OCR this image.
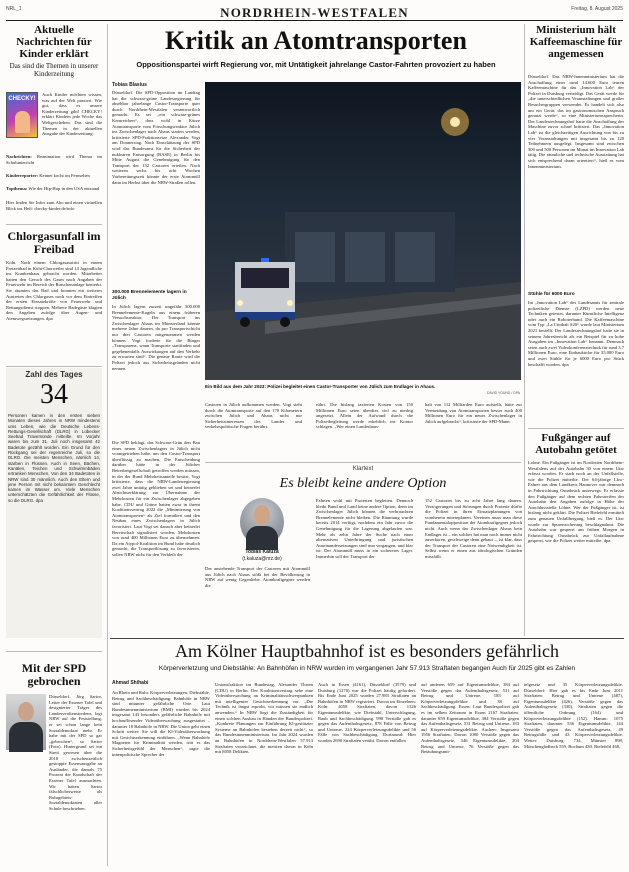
NRL_1	NORDRHEIN-WESTFALEN	Freitag, 8. August 2025
Aktuelle Nachrichten für Kinder erklärt
Das sind die Themen in unserer Kinderzeitung
CHECKY!
Auch Kinder möchten wissen, was auf der Welt passiert. Wie gut, dass es unsere Kinderzeitung gibt! CHECKY! erklärt Kindern jede Woche das Weltgeschehen. Das sind die Themen in der aktuellen Ausgabe der Kinderzeitung:
Nachrichten: Reanimation wird Thema im Schulunterricht
Kinderreporter: Kennet kocht im Fernsehen
Topthema: Wie der Hip-Hop in den USA entstand
Hier finden Sie Infos zum Abo und einen virtuellen Blick ins Heft: checky-kinder.de/info
Chlorgasunfall im Freibad
Köln. Nach einem Chlorgasaustritt in einem Freizeitbad in Köln-Chorweiler sind 14 Jugendliche ins Krankenhaus gebracht worden. Mitarbeiter hatten den Geruch des Gases nach Angaben der Feuerwehr im Bereich der Rutschenanlage bemerkt. Sie räumten das Bad und konnten ein weiteres Austreten des Chlorgases noch vor dem Eintreffen der ersten Einsatzkräfte von Feuerwehr und Rettungsdienst stoppen. Mehrere Badegäste klagten den Angaben zufolge über Augen- und Atemwegsreizungen. dpa
Zahl des Tages
34
Personen kamen in den ersten sieben Monaten dieses Jahres in NRW mindestens ums Leben, wie die Deutsche Lebens-Rettungs-Gesellschaft (DLRG) in Lübecker Seebad Travemünde mitteilte. Im Vorjahr waren bis zum 31. Juli noch insgesamt 42 Badetote gezählt worden. Ein Grund für den Rückgang sei der regenreiche Juli, so die DLRG. Die meisten Menschen, nämlich 14, starben in Flüssen. Auch in Seen, Bächen, Kanälen, Teichen und Schwimmbäden ertranken Menschen. Von den 34 Badetoten in NRW sind 30 männlich. Auch den Eltern und jene Person mit nicht bekanntem Geschlecht kamen im Wasser um. Viele Menschen unterschätzten die Gefährlichkeit der Flüsse, so die DLRG. dpa
Mit der SPD gebrochen
Düsseldorf. Jörg Sartor, Leiter der Essener Tafel und designierter Träger des Landesverdienstordens, legt NRW auf die Feststellung, er sei schon lange kein Sozialdemokrat mehr. Er habe mit der SPD so gar „gebrochen“, so Sartor (Foto). Hintergrund sei ein Streit gewesen über die 2018 zwischenzeitlich gestoppte Essensausgabe an Ausländer, die damals 75 Prozent der Kundschaft der Essener Tafel ausmachten. Wir hatten Sartor fälschlicherweise als Ruhrgebiets-Sozialdemokraten aller Schule beschrieben.
Kritik an Atomtransporten
Oppositionspartei wirft Regierung vor, mit Untätigkeit jahrelange Castor-Fahrten provoziert zu haben
Tobias Blasius
Düsseldorf. Die SPD-Opposition im Landtag hat die schwarz-grüne Landesregierung für absehbar jahrelange Castor-Transporte quer durch Nordrhein-Westfalen verantwortlich gemacht. Es sei „ein schwarz-grünes Kernreichen“, dass wohl in Kürze Atomtransporte vom Forschungsreaktor Jülich ins Zwischenlager nach Ahaus starten werden, kritisierte SPD-Fraktionsvize Alexander Vogt am Donnerstag. Nach Einschätzung der SPD wird das Bundesamt für die Sicherheit der nuklearen Entsorgung (BASE) in Berlin bis Mitte August die Genehmigung für den Transport der 152 Castoren erteilen. Nach weiteren sechs bis acht Wochen Vorbereitungszeit könnte der erste Atommüll dann im Herbst über die NRW-Straßen rollen.
300.000 Brennelemente lagern in Jülich
In Jülich lagern zurzeit ungefähr 300.000 Brennelemente-Kugeln aus einem früheren Versuchsreaktor. Der Transport ins Zwischenlager Ahaus im Münsterland könnte mehrere Jahre dauern, da pro Transportschicht nur drei Castoren mitgenommen werden können. Vogt forderte für die Bürger „Transparenz, wann Transporte stattfinden und gegebenenfalls Auswirkungen auf den Verkehr zu erwarten sind“. Die genaue Route wird die Polizei jedoch aus Sicherheitsgründen nicht nennen.
Die SPD beklagt, das Schwarz-Grün den Bau eines neuen Zwischenlagers in Jülich nicht vorangetrieben habe, um den Castor-Transport überflüssig zu machen. Die Entscheidung darüber hätte in der Jülicher Betreibergesellschaft getroffen werden müssen, in der der Bund Mehrheitsanteile besitzt. Vogt kritisierte, dass die NRW-Landesregierung zwei Jahre untätig geblieben sei und keinerlei Absichtserklärung zur Übernahme der Mehrkosten für ein Zwischenlager abgegeben habe. CDU und Grüne hatten zwar in ihrem Koalitionsvertrag 2022 die „Minimierung von Atomtransporten“ als Ziel formuliert und den Neubau eines Zwischenlagers in Jülich favorisiert. Laut Vogt sei danach aber keinerlei Bereitschaft signalisiert worden, Mehrkosten von rund 400 Millionen Euro zu übernehmen. Da ein Atypol-Koalition im Bund habe deutlich gemacht, die Transportlösung zu favorisieren, sollen NRW nicht für den Verbleib der
Ein Bild aus dem Jahr 2023: Polizei begleitet einen Castor-Transporter von Jülich zum Endlager in Ahaus.
DAVID YOUNG / DPA
Castoren in Jülich aufkommen werden. Vogt sieht durch die Atomtransporte auf den 170 Kilometern zwischen Jülich und Ahaus nicht nur Sicherheitsinteressen des Landes und verkehrspolitische Fragen berührt.
rührt. Die bislang taxierten Kosten von 150 Millionen Euro seien überdies viel zu niedrig angesetzt. Allein der Aufwand durch die Polizeibegleitung werde erheblich ins Kontor schlagen. „Wer einen Landeshaus-
halt von 112 Milliarden Euro aufstellt, hätte zur Vermeidung von Atomtransporten besser auch 400 Millionen Euro für ein neues Zwischenlager in Jülich aufgebracht“, kritisierte der SPD-Mann.
Klartext
Es bleibt keine andere Option
Tobias Kaluza
(t.kaluza@nrz.de)
Der anstehende Transport der Castoren mit Atommüll aus Jülich nach Ahaus stößt bei der Bevölkerung in NRW auf wenig Gegenliebe. Atomkraftgegner werden die
Fahrten wohl mit Protesten begleiten. Dennoch bleibt Bund und Land keine andere Option, denn im Zwischenlager Jülich können die verbrauchten Brennelemente nicht bleiben. Die Räumung wurde bereits 2014 verfügt, nachdem ein Jahr zuvor die Genehmigung für die Lagerung abgelaufen war. Mehr als zehn Jahre der Suche nach einer alternativen Unterbringung und juristischen Auseinandersetzungen sind nun vergangen, und klar ist: Der Atommüll muss in ein sichereres Lager. Immerhin soll der Transport der
152 Castoren bis zu acht Jahre lang dauern. Verzögerungen und Störungen durch Proteste dürfte die Polizei in ihren Einsatzplanungen von vornherein miteinplanen. Vereinen muss man diese Fundamentalopposition der Atomkraftgegner jedoch nicht. Auch wenn das Zwischenlager Ahaus kein Endlager ist – ein solches hat man noch immer nicht auserkoren, geschweige denn gebaut –, ist klar, dass der Transport der Castoren eine Notwendigkeit ist. Selbst wenn er einen aus ideologischen Gründen missfällt.
Ministerium hält Kaffeemaschine für angemessen
Düsseldorf. Das NRW-Innenministerium hat die Anschaffung einer rund 14.600 Euro teuren Kaffeemaschine für das „Innovation Lab“ der Polizei in Duisburg verteidigt. Das Gerät werde für „die unterschiedlichen Veranstaltungen und großer Besuchergruppen verwendet. Es handelt sich also um ein Gerät, das im gastronomischen Anspruch genutzt werde“, so eine Ministeriumssprecherin. Der Landesrechnungshof hatte die Anschaffung der Maschine zuvor scharf kritisiert. Das „Innovation Lab“ ist die gleichzeitigen Ausrichtung von bis zu vier Veranstaltungen mit insgesamt bis zu 120 Teilnehmern ausgelegt. Insgesamt sind zwischen 300 und 500 Personen im Monat im Innovation Lab tätig. Die räumliche und technische Ausstattung hat sich entsprechend daran orientiert“, hieß es vom Innenministerium.
Stühle für 6000 Euro
Im „Innovation Lab“ des Landesamts für zentrale polizeiliche Dienste (LZPD) werden neue Techniken getestet, darunter Künstliche Intelligenz oder auch ein Roboterhund. Die Kaffeemaschine vom Typ „La Cimbali S20“ wurde laut Ministerium 2021 bestellt. Der Landesrechnungshof hatte sie in seinem Jahresbericht als ein Beispiel für zu hohe Ausgaben im „Innovation Lab“ benannt. Demnach seien auch zwei Videokonferenztechnik für rund 3,7 Millionen Euro, eine Einbauküche für 35.000 Euro und zwei Stühle für je 6000 Euro pro Stück beschafft worden. dpa
Fußgänger auf Autobahn getötet
Lohne. Ein Fußgänger ist im Nordosten Nordrhein-Westfalens auf der Autobahn 30 von einem Lkw erfasst worden. Er starb noch an der Unfallstelle, wie die Polizei mitteilte. Der 64-jährige Lkw-Fahrer aus dem Landkreis Hannover war demnach in Fahrtrichtung Osnabrück unterwegs. Er erfasste den Fußgänger auf dem rechten Fahrstreifen der Autobahn den Angaben zufolge in Höhe der Anschlussstelle Löhne. Wer der Fußgänger ist, ist bislang nicht geklärt. Die Polizei Bielefeld ermittelt zum genauen Unfallhergang, hieß es. Der Lkw wurde zur Spurensicherung beschlagnahmt. Die Autobahn war gesperrt am frühen Morgen in Fahrtrichtung Osnabrück zur Unfallaufnahme gesperrt, wie die Polizei weiter mitteilte. dpa
Am Kölner Hauptbahnhof ist es besonders gefährlich
Körperverletzung und Diebstähle: An Bahnhöfen in NRW wurden im vergangenen Jahr 57.913 Straftaten begangen Auch für 2025 gibt es Zahlen
Ahmad Shihabi
An Rhein und Ruhr. Körperverletzungen, Diebstähle, Betrug und Sachbeschädigung: Bahnhöfe in NRW sind mitunter gefährliche Orte. Laut Bundesinnenministerium (BMI) wurden bis 2024 insgesamt 143 besonders gefährliche Bahnhöfe mit hochauflösender Videoüberwachung ausgestattet – darunter 18 Bahnhöfe in NRW. Die Union geht einen Schritt weiter: Sie will die KI-Videoüberwachung mit Gesichtserkennung einführen. „Wenn Bahnhöfe Magneten für Kriminalität werden, tritt es das Sicherheitsgefühl der Menschen“, sagte die innenpolitische Sprecher der
Unionsfraktion im Bundestag, Alexander Throm (CDU) in Berlin. Der Koalitionsvertrag sehe eine Videoüberwachung an Kriminalitätsschwerpunkten mit intelligenter Gesichtserkennung vor. „Die Technik ist längst erprobt, wir müssen sie endlich anwenden.“ In NRW liegt die Zuständigkeit für einen solchen Ausbau in Händen der Bundespolizei. „Konkrete Planungen zur Einführung KI-gestützter Systeme an Bahnhöfen bestehen derzeit nicht“, so das Bundesinnenministerium. Im Jahr 2024 wurden an Bahnhöfen in Nordrhein-Westfalen 57.913 Straftaten verzeichnet, die meisten davon in Köln mit 8058 Delikten.
Auch in Essen (4161), Düsseldorf (3579) und Duisburg (1270) war die Polizei häufig gefordert. Bis Ende Juni 2025 wurden 27.983 Straftaten an Bahnhöfen in NRW registriert. Davon im Einzelnen: Köln: 4058 Straftaten, davon 1326 Eigentumsdelikte, wie Diebstahl, Unterschlagung, Raub und Sachbeschädigung. 990 Verstöße gab es gegen das Aufenthaltsgesetz, 878 Fälle von Betrug und Untreue, 224 Körperverletzungsdelikte und 56 Fälle von Sachbeschädigung. Dortmund: Hier wurden 2690 Straftaten verübt. Davon entfallen
auf anderen 659 auf Eigentumsdelikte, 384 auf Verstöße gegen das Aufenthaltsgesetz, 531 auf Betrug und Untreue, 183 auf Körperverletzungsdelikte und 38 auf Sachbeschädigung. Essen: Laut Bundespolizei gab es im selben Zeitraum in Essen 2167 Straftaten, darunter 659 Eigentumsdelikte, 384 Verstöße gegen das Aufenthaltsgesetz, 531 Betrug und Untreue, 183 auf Körperverletzungsdelikte. Aachen: Insgesamt 1956 Straftaten. Davon 1080 Verstöße gegen das Aufenthaltsgesetz, 346 Eigentumsdelikte, 204 Betrug und Untreue, 76 Verstöße gegen das Betäubungsmit-
telgesetz und 35 Körperverletzungsdelikte. Düsseldorf: Hier gab es bis Ende Juni 2011 Straftaten: Betrug und Untreue (487), Eigentumsdelikte (426), Verstöße gegen das Aufenthaltsgesetz (330), Straftaten gegen die öffentliche Ordnung (164) und Körperverletzungsdelikte (152). Hamm: 1075 Straftaten, darunter 536 Eigentumsdelikte, 144 Verstöße gegen das Aufenthaltsgesetz, 49 Betrugsfälle und 43 Körperverletzungsdelikte. Weiter: Duisburg: 734, Münster 898, Mönchengladbach 559, Bochum 430. Bielefeld 468,
